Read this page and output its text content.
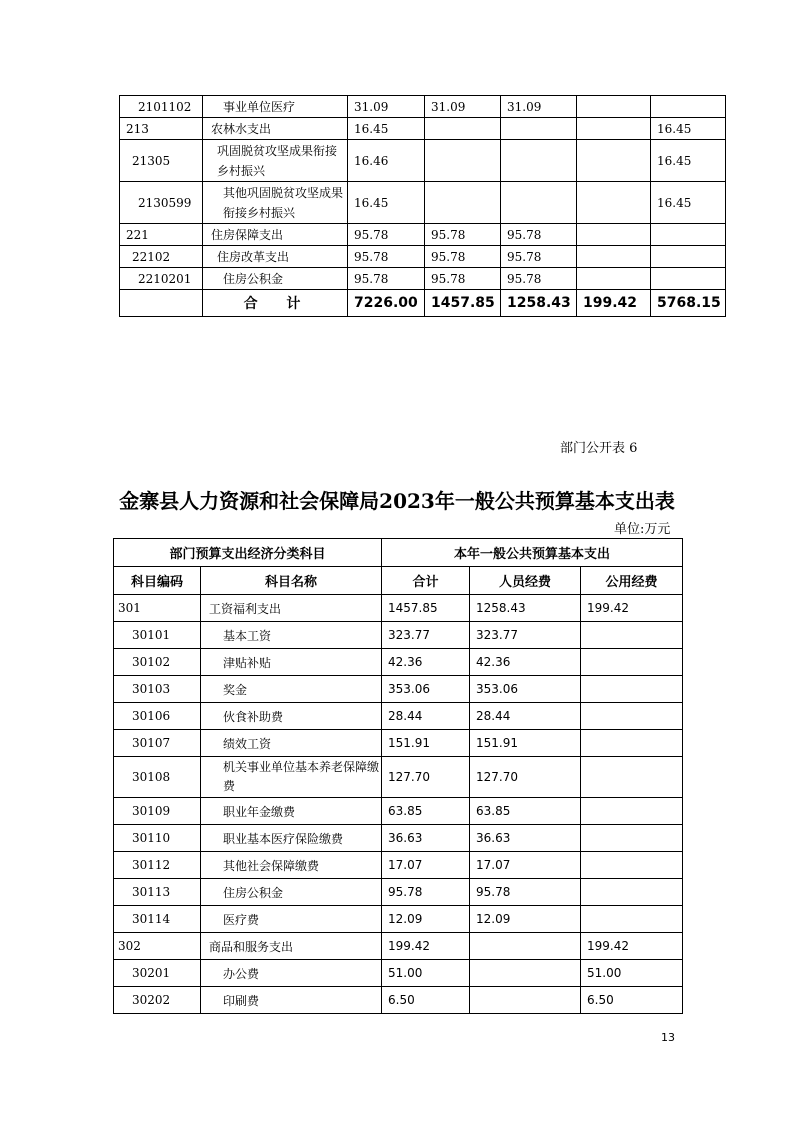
2101102	事业单位医疗	31.09	31.09	31.09		
213	农林水支出	16.45				16.45
21305	巩固脱贫攻坚成果衔接乡村振兴	16.46				16.45
2130599	其他巩固脱贫攻坚成果衔接乡村振兴	16.45				16.45
221	住房保障支出	95.78	95.78	95.78		
22102	住房改革支出	95.78	95.78	95.78		
2210201	住房公积金	95.78	95.78	95.78		
	合 计	7226.00	1457.85	1258.43	199.42	5768.15
部门公开表 6
金寨县人力资源和社会保障局2023年一般公共预算基本支出表
单位:万元
部门预算支出经济分类科目		本年一般公共预算基本支出		
科目编码	科目名称	合计	人员经费	公用经费
301	工资福利支出	1457.85	1258.43	199.42
30101	基本工资	323.77	323.77	
30102	津贴补贴	42.36	42.36	
30103	奖金	353.06	353.06	
30106	伙食补助费	28.44	28.44	
30107	绩效工资	151.91	151.91	
30108	机关事业单位基本养老保障缴费	127.70	127.70	
30109	职业年金缴费	63.85	63.85	
30110	职业基本医疗保险缴费	36.63	36.63	
30112	其他社会保障缴费	17.07	17.07	
30113	住房公积金	95.78	95.78	
30114	医疗费	12.09	12.09	
302	商品和服务支出	199.42		199.42
30201	办公费	51.00		51.00
30202	印刷费	6.50		6.50
13
